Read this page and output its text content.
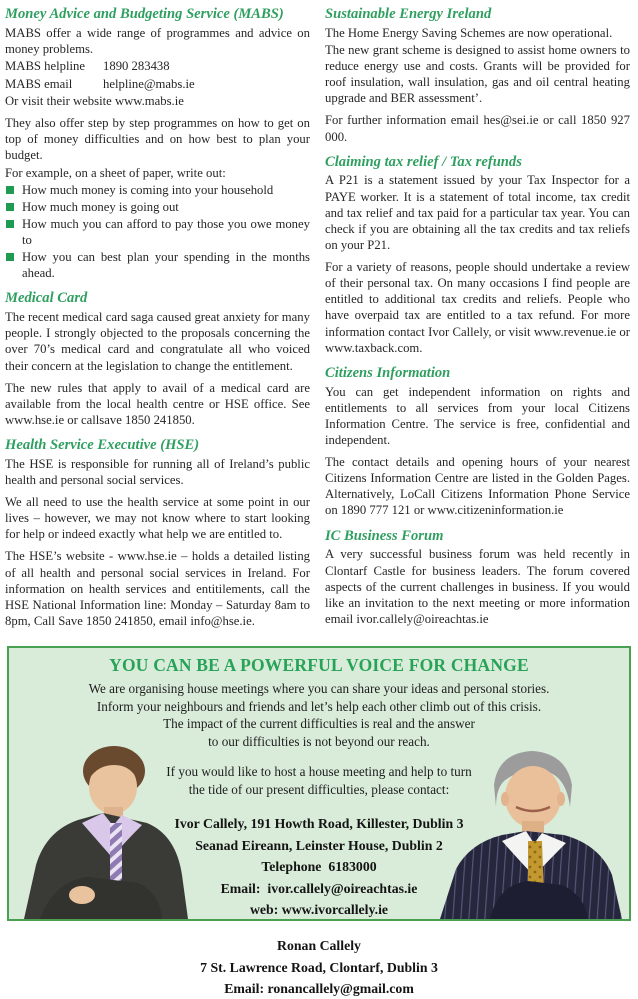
Money Advice and Budgeting Service (MABS)

MABS offer a wide range of programmes and advice on money problems.

MABS helpline	1890 283438
MABS email	helpline@mabs.ie

Or visit their website www.mabs.ie

They also offer step by step programmes on how to get on top of money difficulties and on how best to plan your budget.

For example, on a sheet of paper, write out:

How much money is coming into your household
How much money is going out
How much you can afford to pay those you owe money to
How you can best plan your spending in the months ahead.
Medical Card

The recent medical card saga caused great anxiety for many people. I strongly objected to the proposals concerning the over 70’s medical card and congratulate all who voiced their concern at the legislation to change the entitlement.

The new rules that apply to avail of a medical card are available from the local health centre or HSE office. See www.hse.ie or callsave 1850 241850.

Health Service Executive (HSE)

The HSE is responsible for running all of Ireland’s public health and personal social services.

We all need to use the health service at some point in our lives – however, we may not know where to start looking for help or indeed exactly what help we are entitled to.

The HSE’s website - www.hse.ie – holds a detailed listing of all health and personal social services in Ireland. For information on health services and entitilements, call the HSE National Information line: Monday – Saturday 8am to 8pm, Call Save 1850 241850, email info@hse.ie.

Sustainable Energy Ireland

The Home Energy Saving Schemes are now operational.

The new grant scheme is designed to assist home owners to reduce energy use and costs. Grants will be provided for roof insulation, wall insulation, gas and oil central heating upgrade and BER assessment’.

For further information email hes@sei.ie or call 1850 927 000.

Claiming tax relief / Tax refunds

A P21 is a statement issued by your Tax Inspector for a PAYE worker. It is a statement of total income, tax credit and tax relief and tax paid for a particular tax year. You can check if you are obtaining all the tax credits and tax reliefs on your P21.

For a variety of reasons, people should undertake a review of their personal tax. On many occasions I find people are entitled to additional tax credits and reliefs. People who have overpaid tax are entitled to a tax refund. For more information contact Ivor Callely, or visit www.revenue.ie or www.taxback.com.

Citizens Information

You can get independent information on rights and entitlements to all services from your local Citizens Information Centre. The service is free, confidential and independent.

The contact details and opening hours of your nearest Citizens Information Centre are listed in the Golden Pages. Alternatively, LoCall Citizens Information Phone Service on 1890 777 121 or www.citizeninformation.ie

IC Business Forum

A very successful business forum was held recently in Clontarf Castle for business leaders. The forum covered aspects of the current challenges in business. If you would like an invitation to the next meeting or more information email ivor.callely@oireachtas.ie

YOU CAN BE A POWERFUL VOICE FOR CHANGE
We are organising house meetings where you can share your ideas and personal stories.
Inform your neighbours and friends and let’s help each other climb out of this crisis.
The impact of the current difficulties is real and the answer
to our difficulties is not beyond our reach.
If you would like to host a house meeting and help to turn
the tide of our present difficulties, please contact:
Ivor Callely, 191 Howth Road, Killester, Dublin 3
Seanad Eireann, Leinster House, Dublin 2
Telephone  6183000
Email:  ivor.callely@oireachtas.ie
web: www.ivorcallely.ie
Ronan Callely
7 St. Lawrence Road, Clontarf, Dublin 3
Email: ronancallely@gmail.com
